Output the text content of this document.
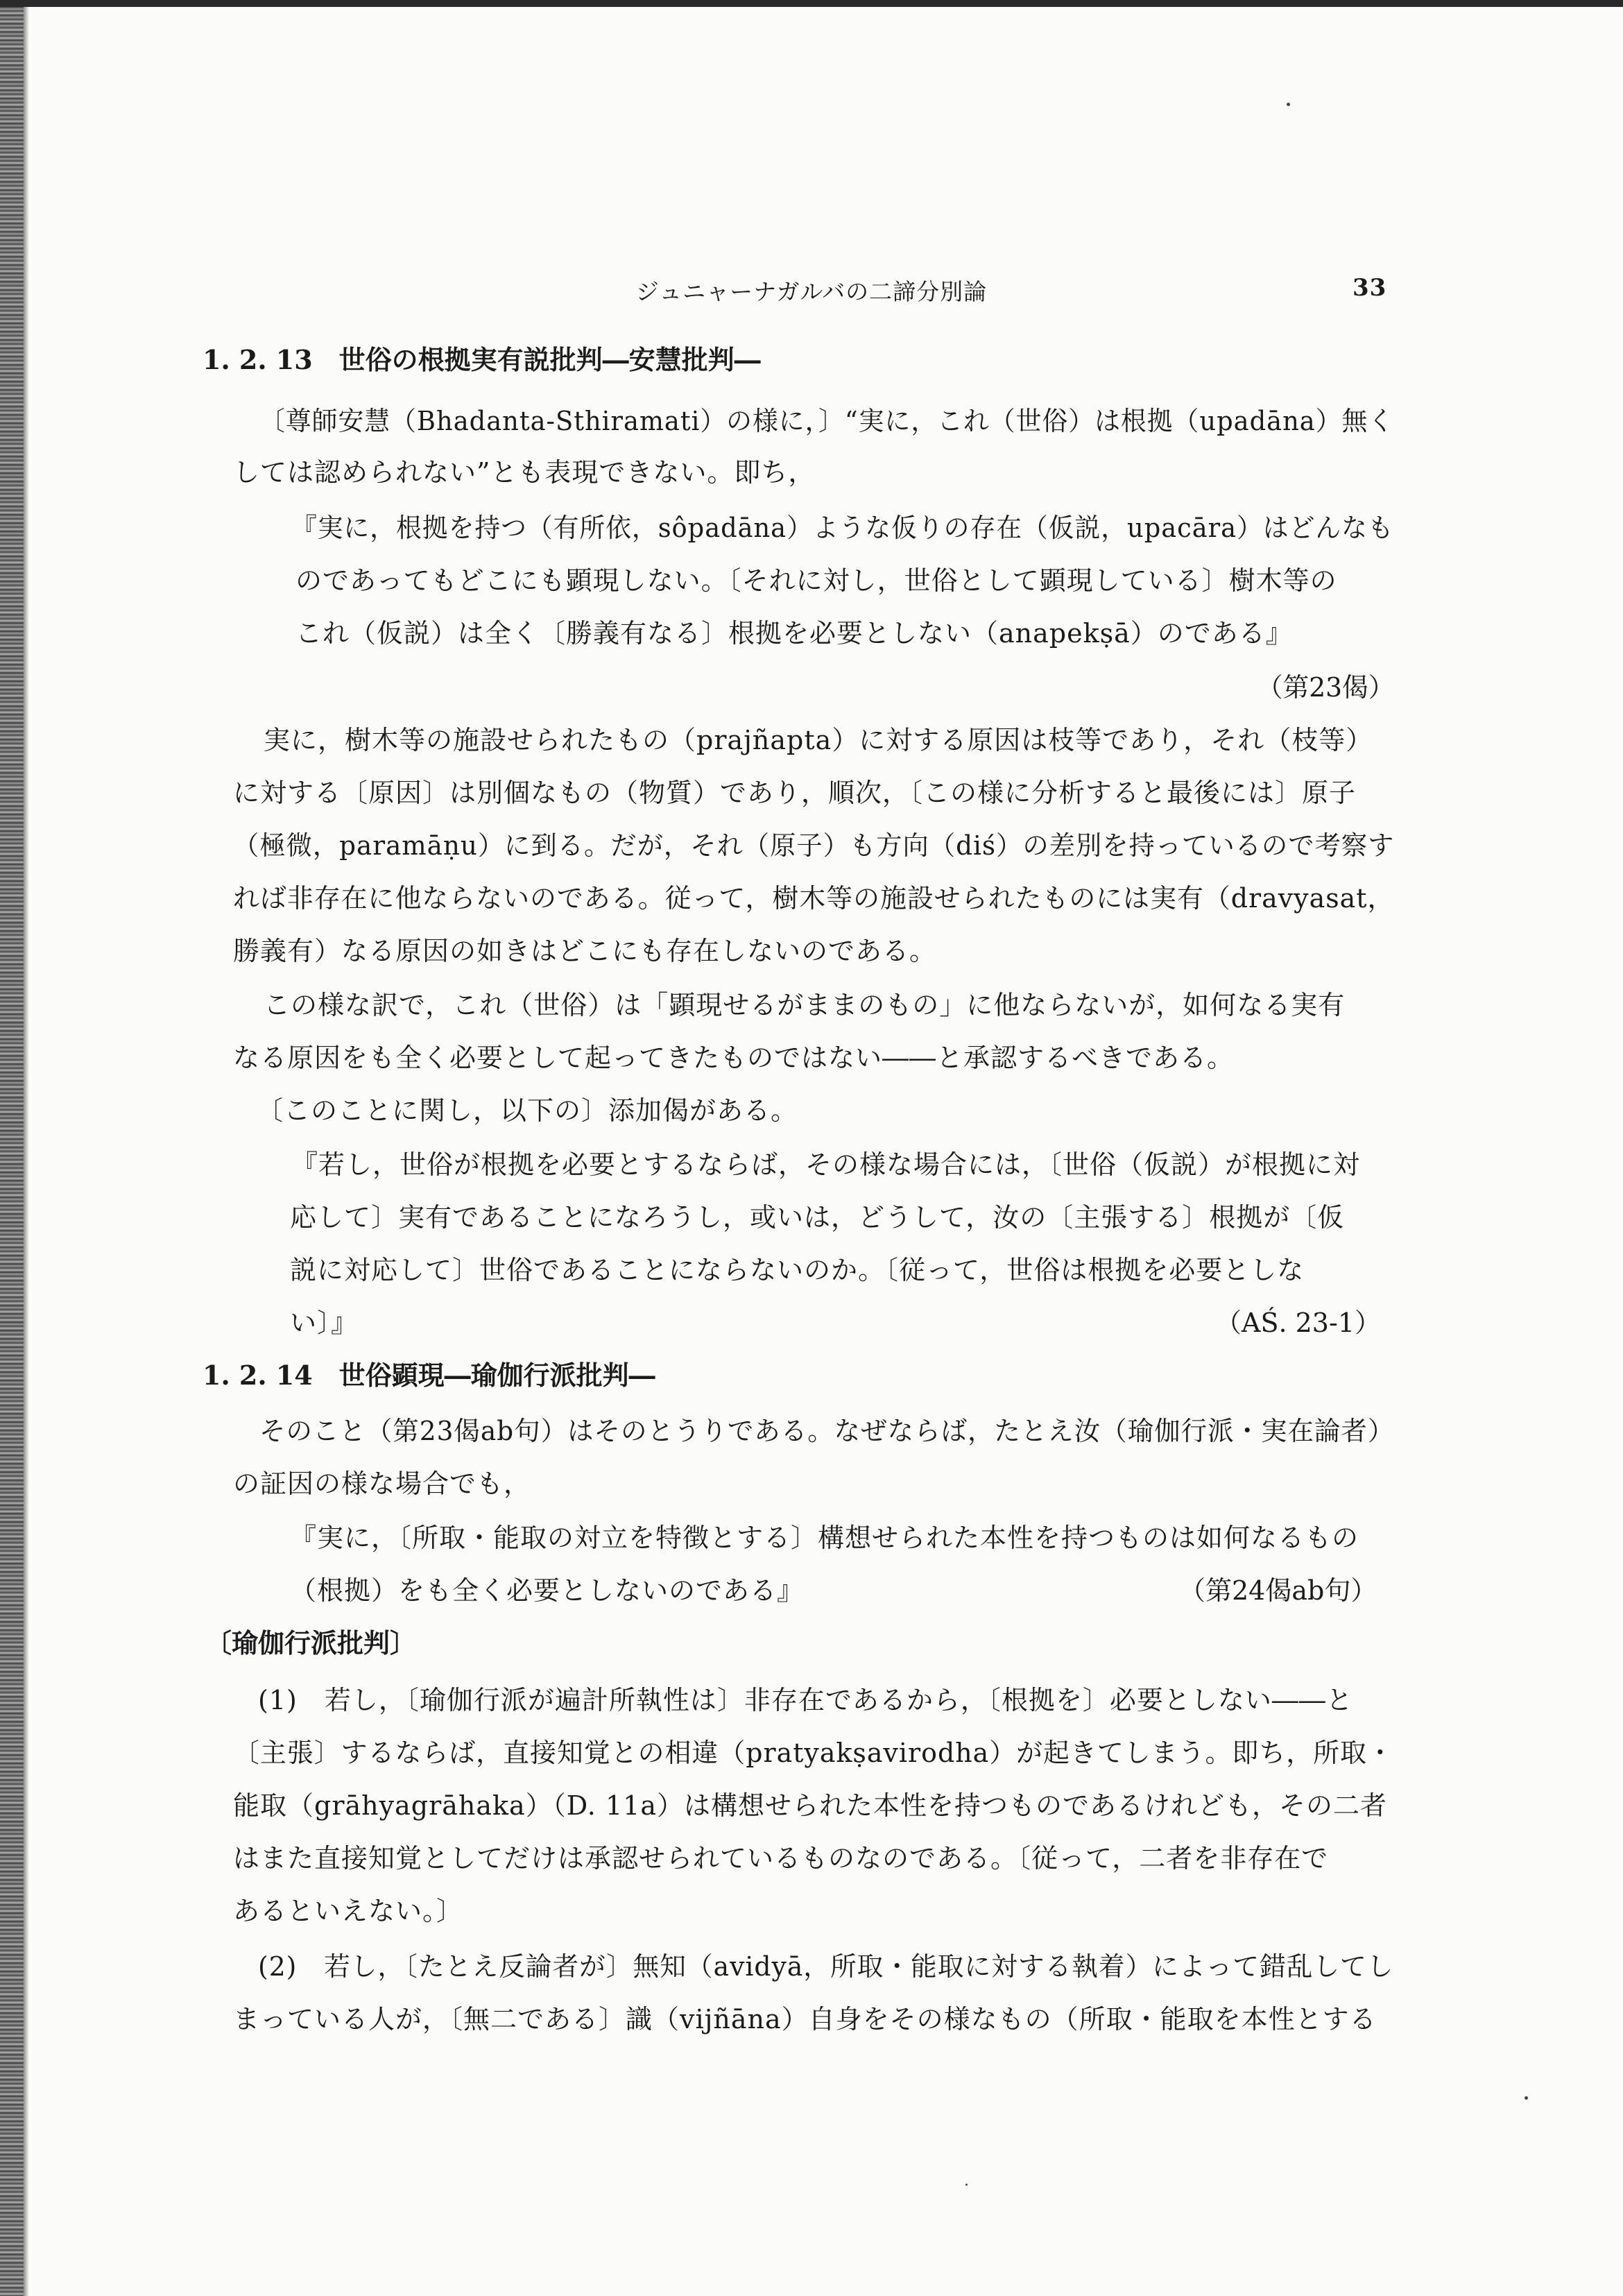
ジュニャーナガルバの二諦分別論	33
1. 2. 13　世俗の根拠実有説批判―安慧批判―
〔尊師安慧（Bhadanta-Sthiramati）の様に，〕“実に，これ（世俗）は根拠（upadāna）無く
しては認められない”とも表現できない。即ち，
『実に，根拠を持つ（有所依，sôpadāna）ような仮りの存在（仮説，upacāra）はどんなも
のであってもどこにも顕現しない。〔それに対し，世俗として顕現している〕樹木等の
これ（仮説）は全く〔勝義有なる〕根拠を必要としない（anapekṣā）のである』
（第23偈）
実に，樹木等の施設せられたもの（prajñapta）に対する原因は枝等であり，それ（枝等）
に対する〔原因〕は別個なもの（物質）であり，順次，〔この様に分析すると最後には〕原子
（極微，paramāṇu）に到る。だが，それ（原子）も方向（diś）の差別を持っているので考察す
れば非存在に他ならないのである。従って，樹木等の施設せられたものには実有（dravyasat，
勝義有）なる原因の如きはどこにも存在しないのである。
この様な訳で，これ（世俗）は「顕現せるがままのもの」に他ならないが，如何なる実有
なる原因をも全く必要として起ってきたものではない――と承認するべきである。
〔このことに関し，以下の〕添加偈がある。
『若し，世俗が根拠を必要とするならば，その様な場合には，〔世俗（仮説）が根拠に対
応して〕実有であることになろうし，或いは，どうして，汝の〔主張する〕根拠が〔仮
説に対応して〕世俗であることにならないのか。〔従って，世俗は根拠を必要としな
い〕』	（AŚ. 23-1）
1. 2. 14　世俗顕現―瑜伽行派批判―
そのこと（第23偈ab句）はそのとうりである。なぜならば，たとえ汝（瑜伽行派・実在論者）
の証因の様な場合でも，
『実に，〔所取・能取の対立を特徴とする〕構想せられた本性を持つものは如何なるもの
（根拠）をも全く必要としないのである』	（第24偈ab句）
〔瑜伽行派批判〕
(1)　若し，〔瑜伽行派が遍計所執性は〕非存在であるから，〔根拠を〕必要としない――と
〔主張〕するならば，直接知覚との相違（pratyakṣavirodha）が起きてしまう。即ち，所取・
能取（grāhyagrāhaka）（D. 11a）は構想せられた本性を持つものであるけれども，その二者
はまた直接知覚としてだけは承認せられているものなのである。〔従って，二者を非存在で
あるといえない。〕
(2)　若し，〔たとえ反論者が〕無知（avidyā，所取・能取に対する執着）によって錯乱してし
まっている人が，〔無二である〕識（vijñāna）自身をその様なもの（所取・能取を本性とする
